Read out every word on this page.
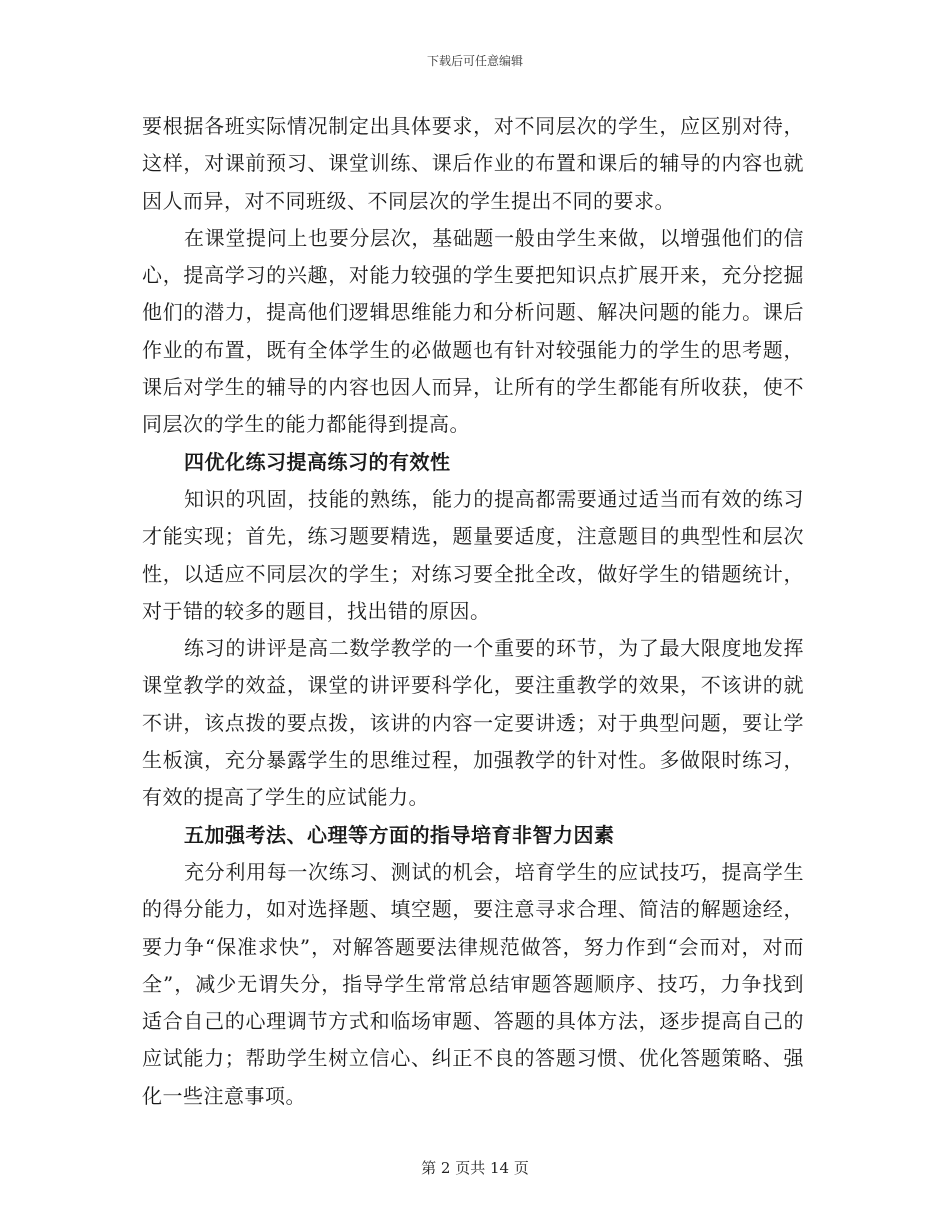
下载后可任意编辑

要根据各班实际情况制定出具体要求，对不同层次的学生，应区别对待，这样，对课前预习、课堂训练、课后作业的布置和课后的辅导的内容也就因人而异，对不同班级、不同层次的学生提出不同的要求。

在课堂提问上也要分层次，基础题一般由学生来做，以增强他们的信心，提高学习的兴趣，对能力较强的学生要把知识点扩展开来，充分挖掘他们的潜力，提高他们逻辑思维能力和分析问题、解决问题的能力。课后作业的布置，既有全体学生的必做题也有针对较强能力的学生的思考题，课后对学生的辅导的内容也因人而异，让所有的学生都能有所收获，使不同层次的学生的能力都能得到提高。

四优化练习提高练习的有效性

知识的巩固，技能的熟练，能力的提高都需要通过适当而有效的练习才能实现；首先，练习题要精选，题量要适度，注意题目的典型性和层次性，以适应不同层次的学生；对练习要全批全改，做好学生的错题统计，对于错的较多的题目，找出错的原因。

练习的讲评是高二数学教学的一个重要的环节，为了最大限度地发挥课堂教学的效益，课堂的讲评要科学化，要注重教学的效果，不该讲的就不讲，该点拨的要点拨，该讲的内容一定要讲透；对于典型问题，要让学生板演，充分暴露学生的思维过程，加强教学的针对性。多做限时练习，有效的提高了学生的应试能力。

五加强考法、心理等方面的指导培育非智力因素

充分利用每一次练习、测试的机会，培育学生的应试技巧，提高学生的得分能力，如对选择题、填空题，要注意寻求合理、简洁的解题途经，要力争“保准求快”，对解答题要法律规范做答，努力作到“会而对，对而全”，减少无谓失分，指导学生常常总结审题答题顺序、技巧，力争找到适合自己的心理调节方式和临场审题、答题的具体方法，逐步提高自己的应试能力；帮助学生树立信心、纠正不良的答题习惯、优化答题策略、强化一些注意事项。

第 2 页共 14 页
